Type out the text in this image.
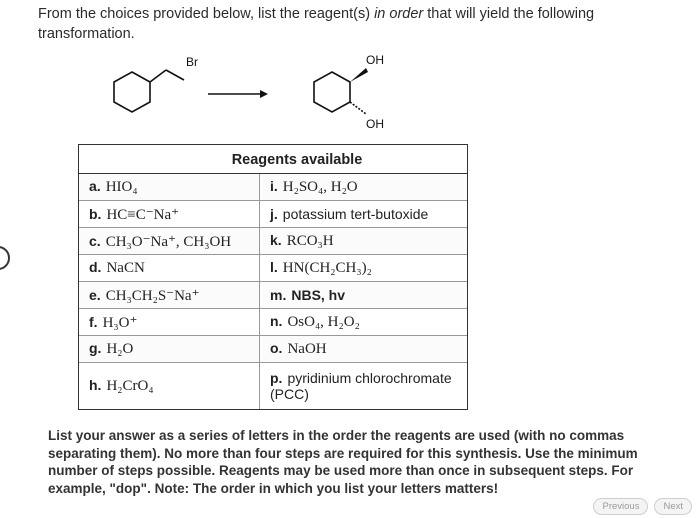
From the choices provided below, list the reagent(s) in order that will yield the following transformation.
Br	OH
OH
Reagents available
a. HIO₄	i. H₂SO₄, H₂O
b. HC≡C⁻Na⁺	j. potassium tert-butoxide
c. CH₃O⁻Na⁺, CH₃OH	k. RCO₃H
d. NaCN	l. HN(CH₂CH₃)₂
e. CH₃CH₂S⁻Na⁺	m. NBS, hv
f. H₃O⁺	n. OsO₄, H₂O₂
g. H₂O	o. NaOH
h. H₂CrO₄	p. pyridinium chlorochromate (PCC)
List your answer as a series of letters in the order the reagents are used (with no commas separating them). No more than four steps are required for this synthesis. Use the minimum number of steps possible. Reagents may be used more than once in subsequent steps. For example, "dop". Note: The order in which you list your letters matters!
Previous	Next
